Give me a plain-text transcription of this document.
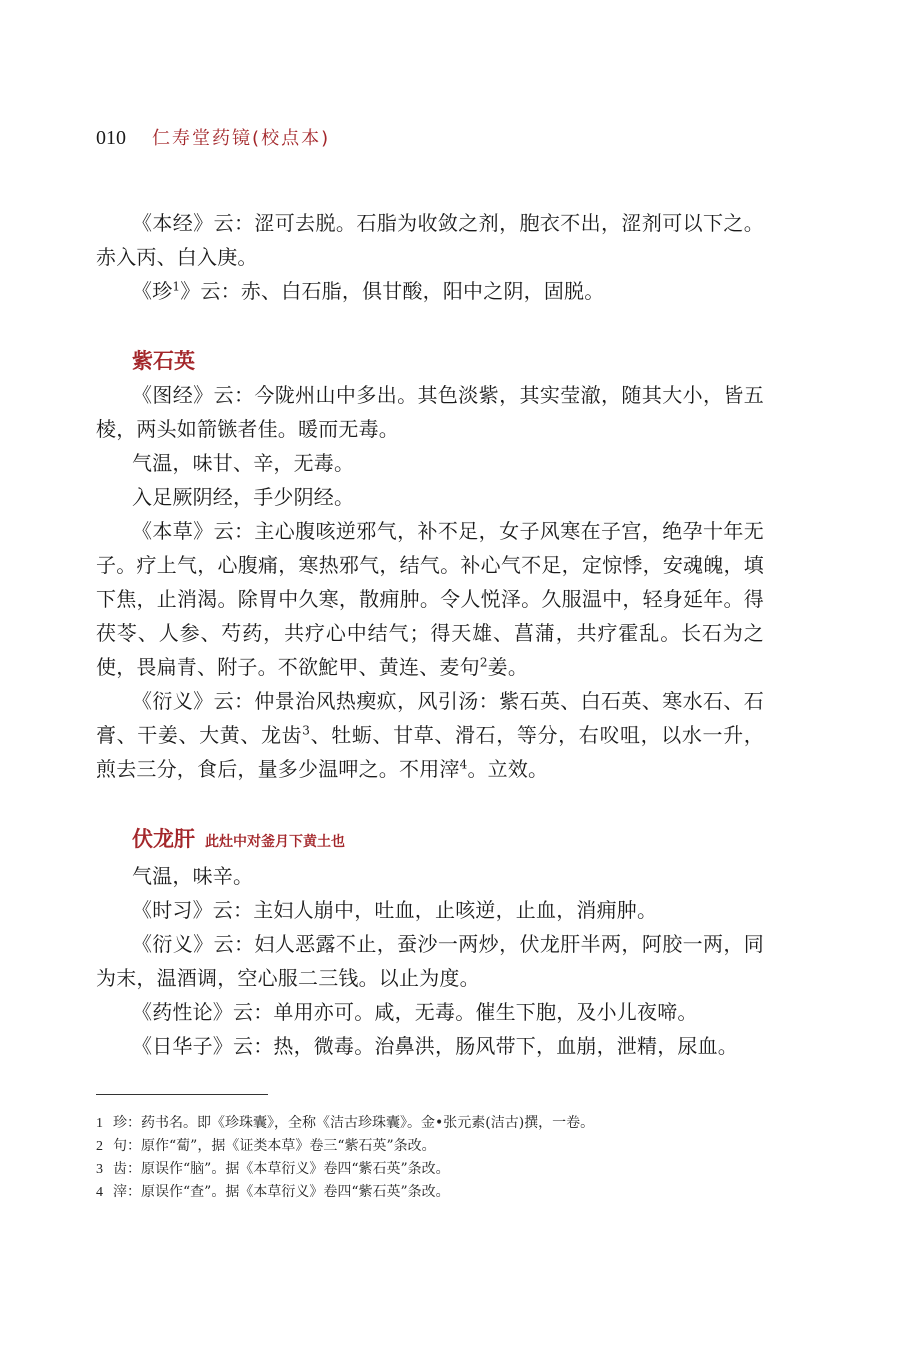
010 仁寿堂药镜(校点本)

《本经》云：涩可去脱。石脂为收敛之剂，胞衣不出，涩剂可以下之。赤入丙、白入庚。

《珍$^1$》云：赤、白石脂，俱甘酸，阳中之阴，固脱。

紫石英

《图经》云：今陇州山中多出。其色淡紫，其实莹澈，随其大小，皆五棱，两头如箭镞者佳。暖而无毒。

气温，味甘、辛，无毒。

入足厥阴经，手少阴经。

《本草》云：主心腹咳逆邪气，补不足，女子风寒在子宫，绝孕十年无子。疗上气，心腹痛，寒热邪气，结气。补心气不足，定惊悸，安魂魄，填下焦，止消渴。除胃中久寒，散痈肿。令人悦泽。久服温中，轻身延年。得茯苓、人参、芍药，共疗心中结气；得天雄、菖蒲，共疗霍乱。长石为之使，畏扁青、附子。不欲鮀甲、黄连、麦句$^2$姜。

《衍义》云：仲景治风热瘈疭，风引汤：紫石英、白石英、寒水石、石膏、干姜、大黄、龙齿$^3$、牡蛎、甘草、滑石，等分，右㕮咀，以水一升，煎去三分，食后，量多少温呷之。不用滓$^4$。立效。

伏龙肝 此灶中对釜月下黄土也

气温，味辛。

《时习》云：主妇人崩中，吐血，止咳逆，止血，消痈肿。

《衍义》云：妇人恶露不止，蚕沙一两炒，伏龙肝半两，阿胶一两，同为末，温酒调，空心服二三钱。以止为度。

《药性论》云：单用亦可。咸，无毒。催生下胞，及小儿夜啼。

《日华子》云：热，微毒。治鼻洪，肠风带下，血崩，泄精，尿血。

1 珍：药书名。即《珍珠囊》，全称《洁古珍珠囊》。金•张元素(洁古)撰，一卷。

2 句：原作“蔔”，据《证类本草》卷三“紫石英”条改。

3 齿：原误作“脑”。据《本草衍义》卷四“紫石英”条改。

4 滓：原误作“查”。据《本草衍义》卷四“紫石英”条改。
